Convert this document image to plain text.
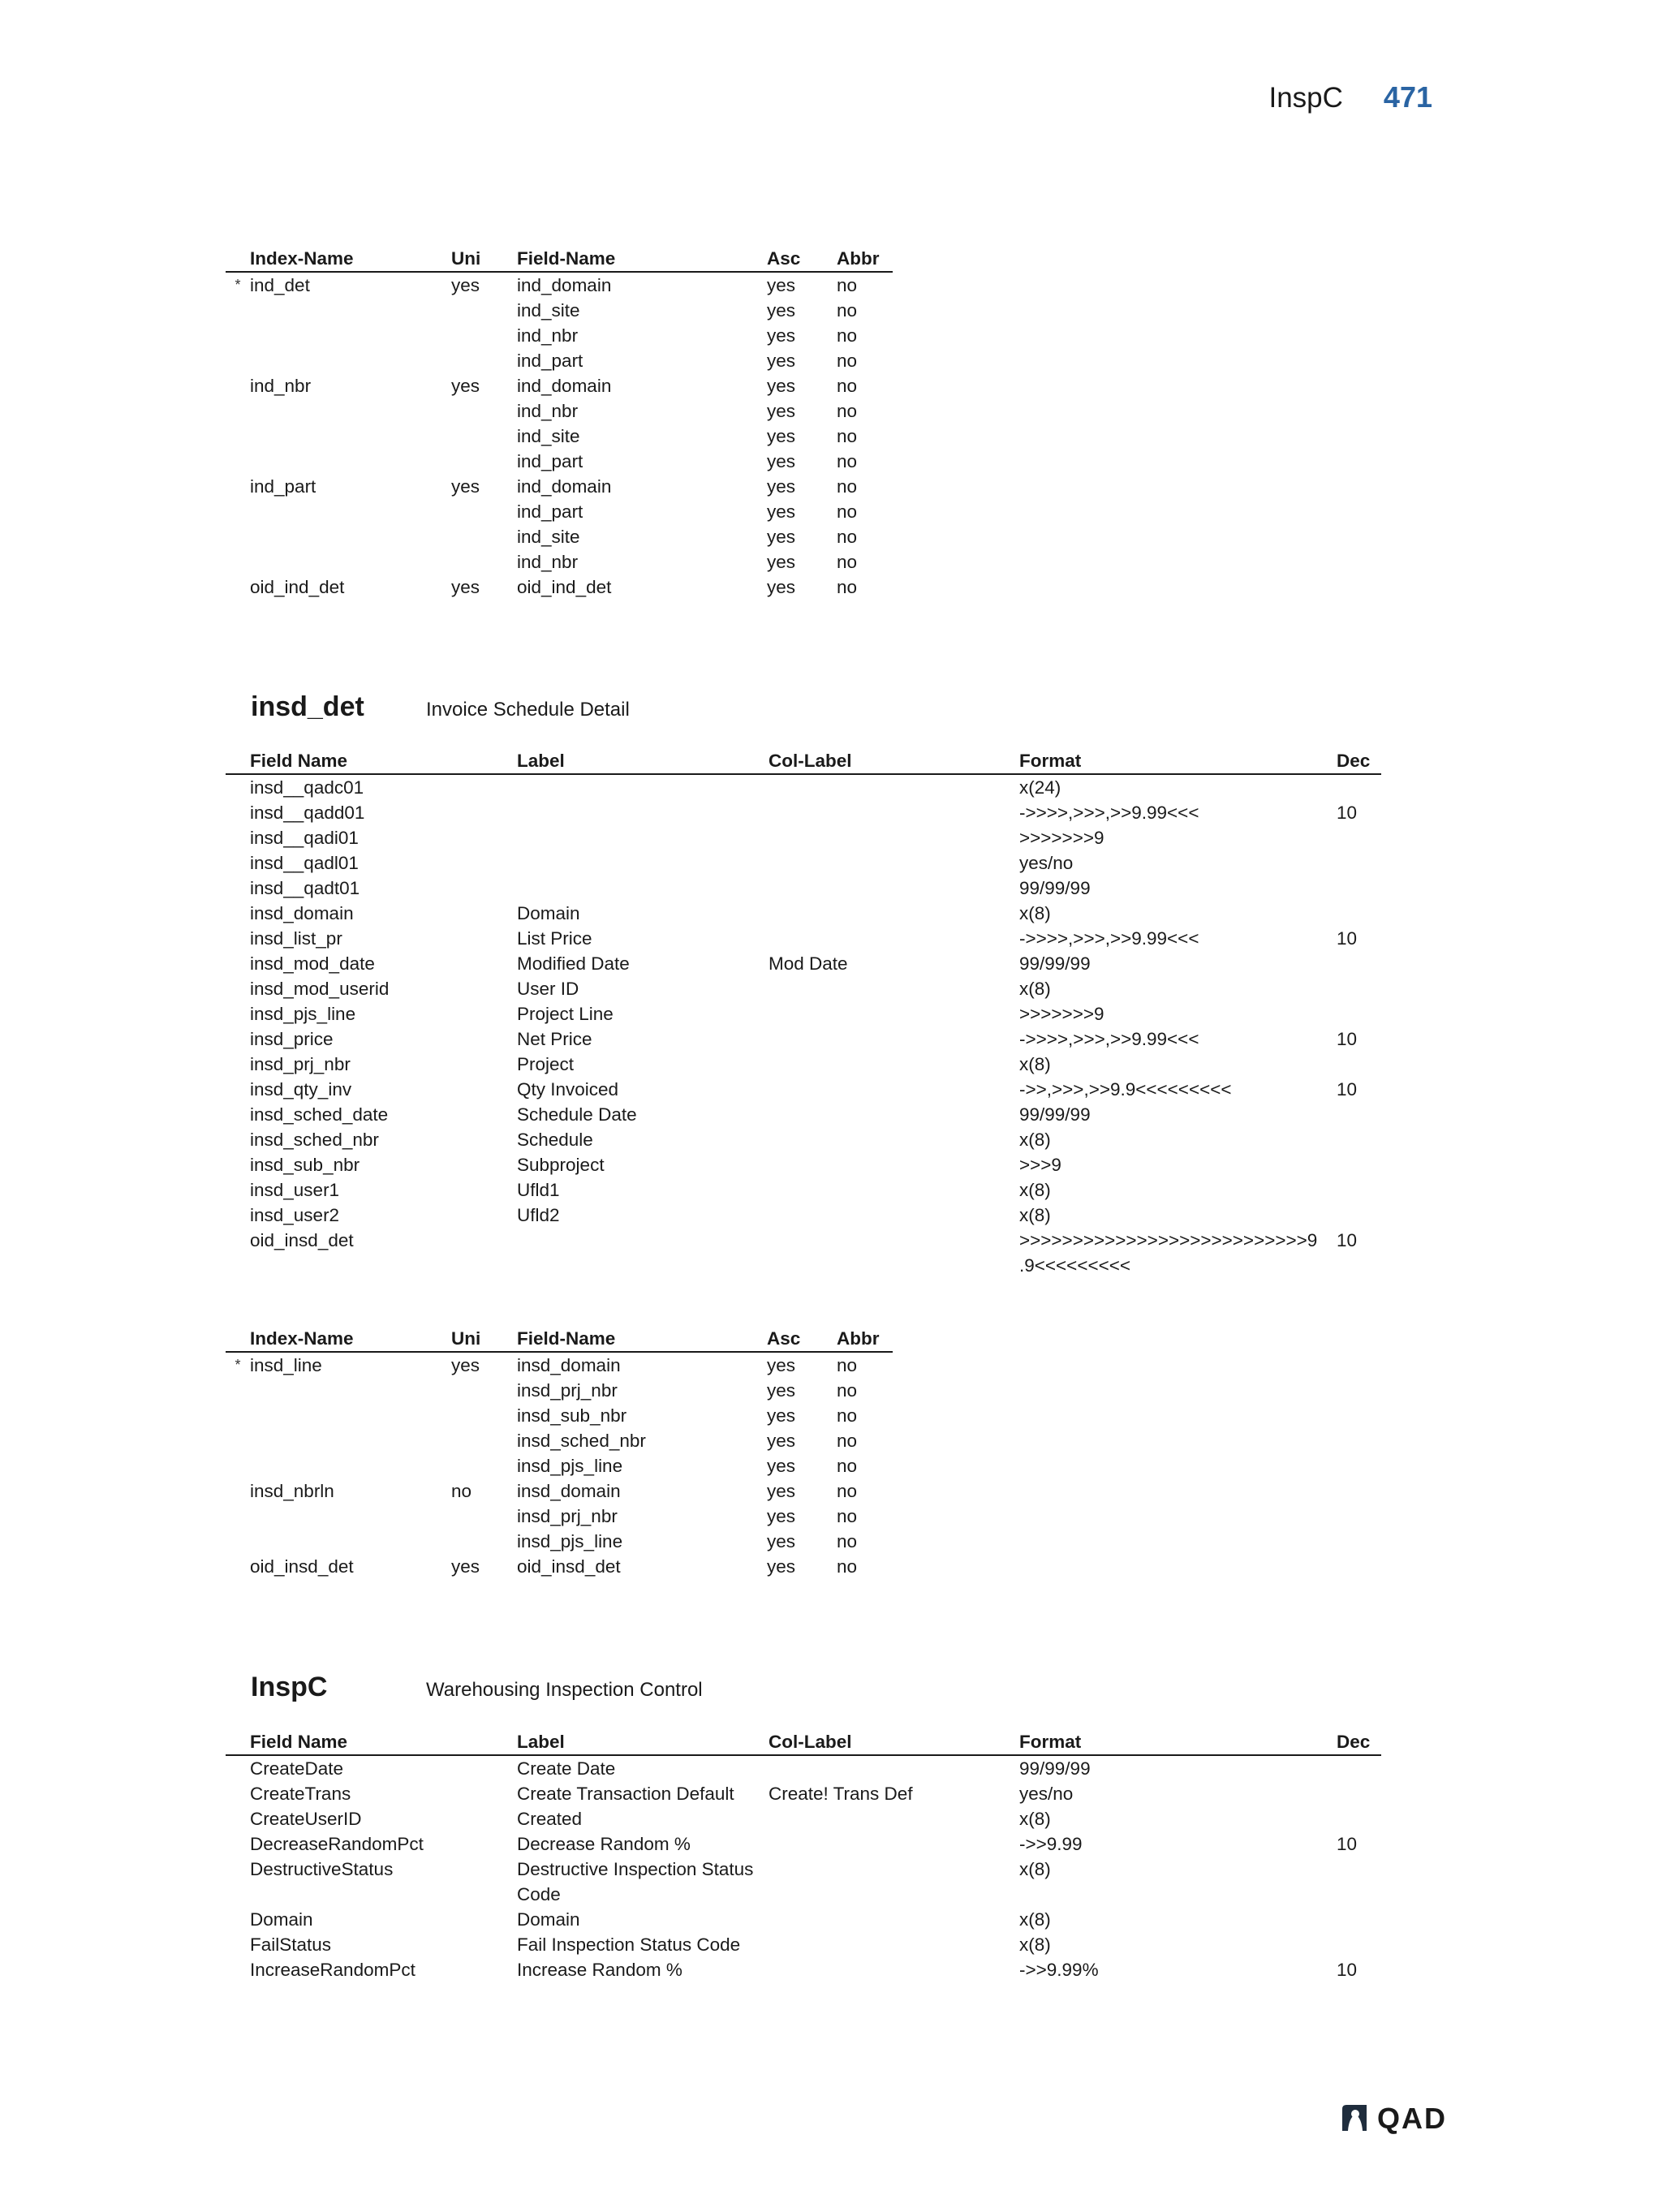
InspC 471
	Index-Name	Uni	Field-Name	Asc	Abbr
*	ind_det	yes	ind_domain	yes	no
			ind_site	yes	no
			ind_nbr	yes	no
			ind_part	yes	no
	ind_nbr	yes	ind_domain	yes	no
			ind_nbr	yes	no
			ind_site	yes	no
			ind_part	yes	no
	ind_part	yes	ind_domain	yes	no
			ind_part	yes	no
			ind_site	yes	no
			ind_nbr	yes	no
	oid_ind_det	yes	oid_ind_det	yes	no
insd_det	Invoice Schedule Detail
	Field Name	Label	Col-Label	Format	Dec
	insd__qadc01			x(24)	
	insd__qadd01			->>>>,>>>,>>9.99<<<	10
	insd__qadi01			>>>>>>>9	
	insd__qadl01			yes/no	
	insd__qadt01			99/99/99	
	insd_domain	Domain		x(8)	
	insd_list_pr	List Price		->>>>,>>>,>>9.99<<<	10
	insd_mod_date	Modified Date	Mod Date	99/99/99	
	insd_mod_userid	User ID		x(8)	
	insd_pjs_line	Project Line		>>>>>>>9	
	insd_price	Net Price		->>>>,>>>,>>9.99<<<	10
	insd_prj_nbr	Project		x(8)	
	insd_qty_inv	Qty Invoiced		->>,>>>,>>9.9<<<<<<<<<	10
	insd_sched_date	Schedule Date		99/99/99	
	insd_sched_nbr	Schedule		x(8)	
	insd_sub_nbr	Subproject		>>>9	
	insd_user1	Ufld1		x(8)	
	insd_user2	Ufld2		x(8)	
	oid_insd_det			>>>>>>>>>>>>>>>>>>>>>>>>>>>9
.9<<<<<<<<<	10
	Index-Name	Uni	Field-Name	Asc	Abbr
*	insd_line	yes	insd_domain	yes	no
			insd_prj_nbr	yes	no
			insd_sub_nbr	yes	no
			insd_sched_nbr	yes	no
			insd_pjs_line	yes	no
	insd_nbrln	no	insd_domain	yes	no
			insd_prj_nbr	yes	no
			insd_pjs_line	yes	no
	oid_insd_det	yes	oid_insd_det	yes	no
InspC	Warehousing Inspection Control
	Field Name	Label	Col-Label	Format	Dec
	CreateDate	Create Date		99/99/99	
	CreateTrans	Create Transaction Default	Create! Trans Def	yes/no	
	CreateUserID	Created		x(8)	
	DecreaseRandomPct	Decrease Random %		->>9.99	10
	DestructiveStatus	Destructive Inspection Status
Code		x(8)	
	Domain	Domain		x(8)	
	FailStatus	Fail Inspection Status Code		x(8)	
	IncreaseRandomPct	Increase Random %		->>9.99%	10
QAD
